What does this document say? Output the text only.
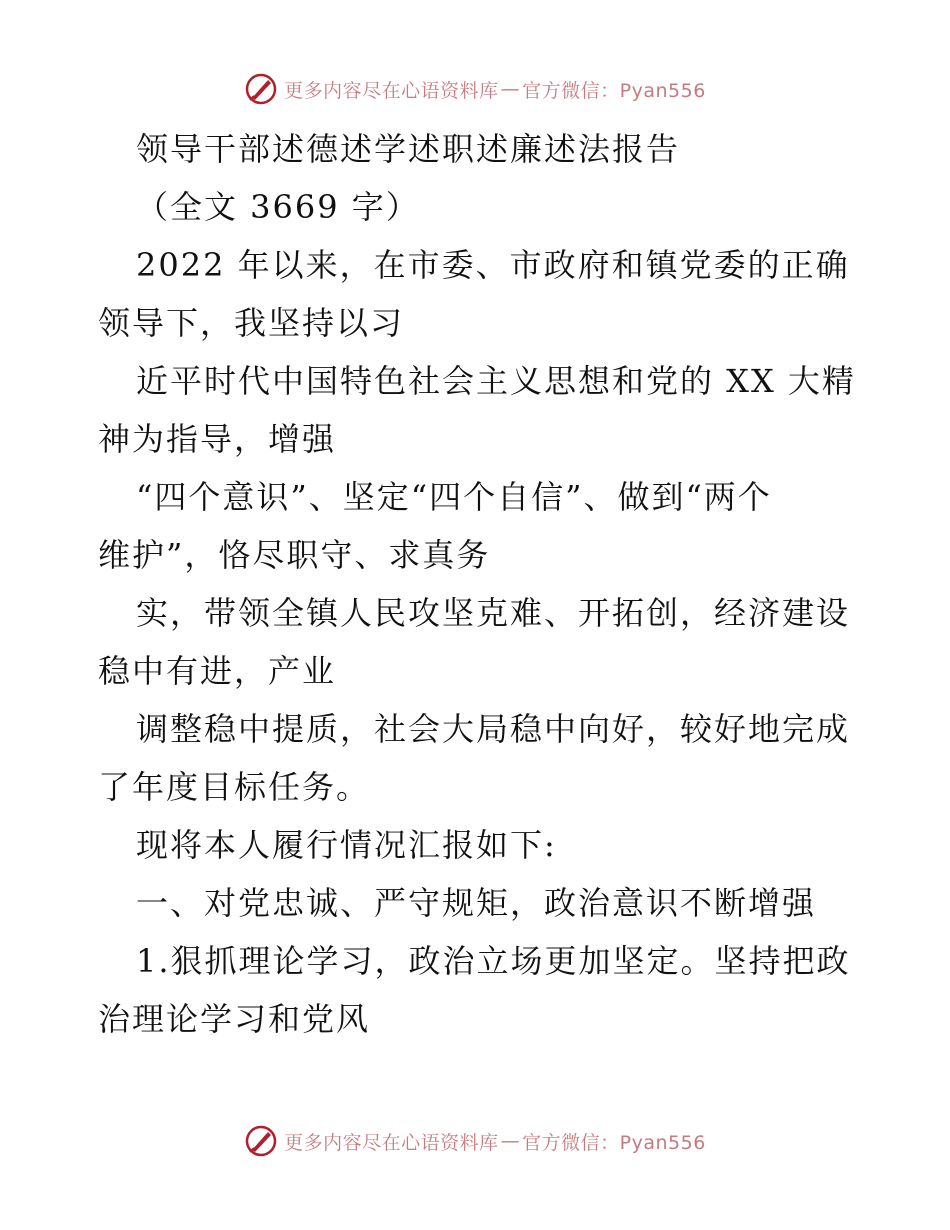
更多内容尽在心语资料库 — 官方微信：Pyan556
领导干部述德述学述职述廉述法报告
（全文 3669 字）
2022 年以来，在市委、市政府和镇党委的正确
领导下，我坚持以习
近平时代中国特色社会主义思想和党的 XX 大精
神为指导，增强
“四个意识”、坚定“四个自信”、做到“两个
维护”，恪尽职守、求真务
实，带领全镇人民攻坚克难、开拓创，经济建设
稳中有进，产业
调整稳中提质，社会大局稳中向好，较好地完成
了年度目标任务。
现将本人履行情况汇报如下:
一、对党忠诚、严守规矩，政治意识不断增强
1.狠抓理论学习，政治立场更加坚定。坚持把政
治理论学习和党风
更多内容尽在心语资料库 — 官方微信：Pyan556
